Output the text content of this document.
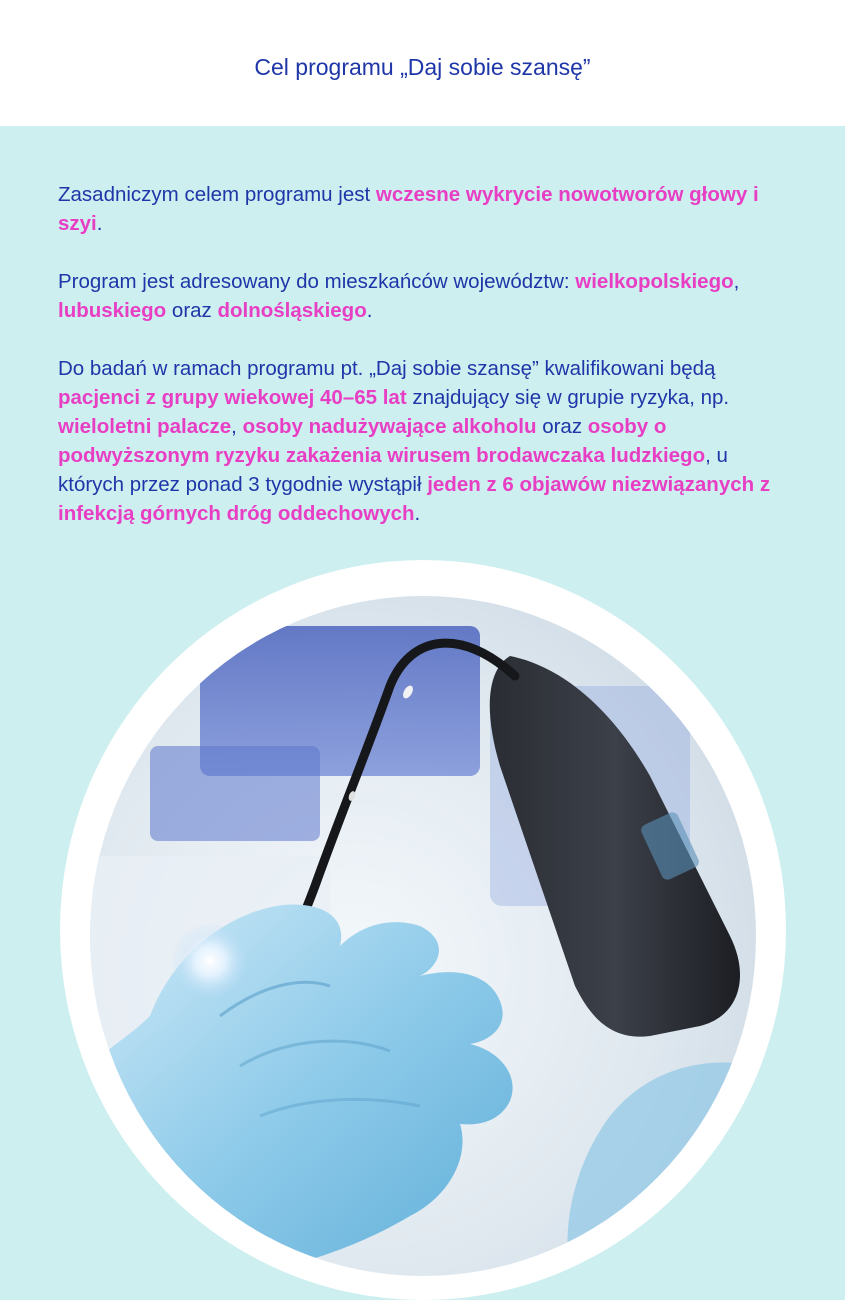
Cel programu „Daj sobie szansę”

Zasadniczym celem programu jest wczesne wykrycie nowotworów głowy i szyi.

Program jest adresowany do mieszkańców województw: wielkopolskiego, lubuskiego oraz dolnośląskiego.

Do badań w ramach programu pt. „Daj sobie szansę” kwalifikowani będą pacjenci z grupy wiekowej 40–65 lat znajdujący się w grupie ryzyka, np. wieloletni palacze, osoby nadużywające alkoholu oraz osoby o podwyższonym ryzyku zakażenia wirusem brodawczaka ludzkiego, u których przez ponad 3 tygodnie wystąpił jeden z 6 objawów niezwiązanych z infekcją górnych dróg oddechowych.
